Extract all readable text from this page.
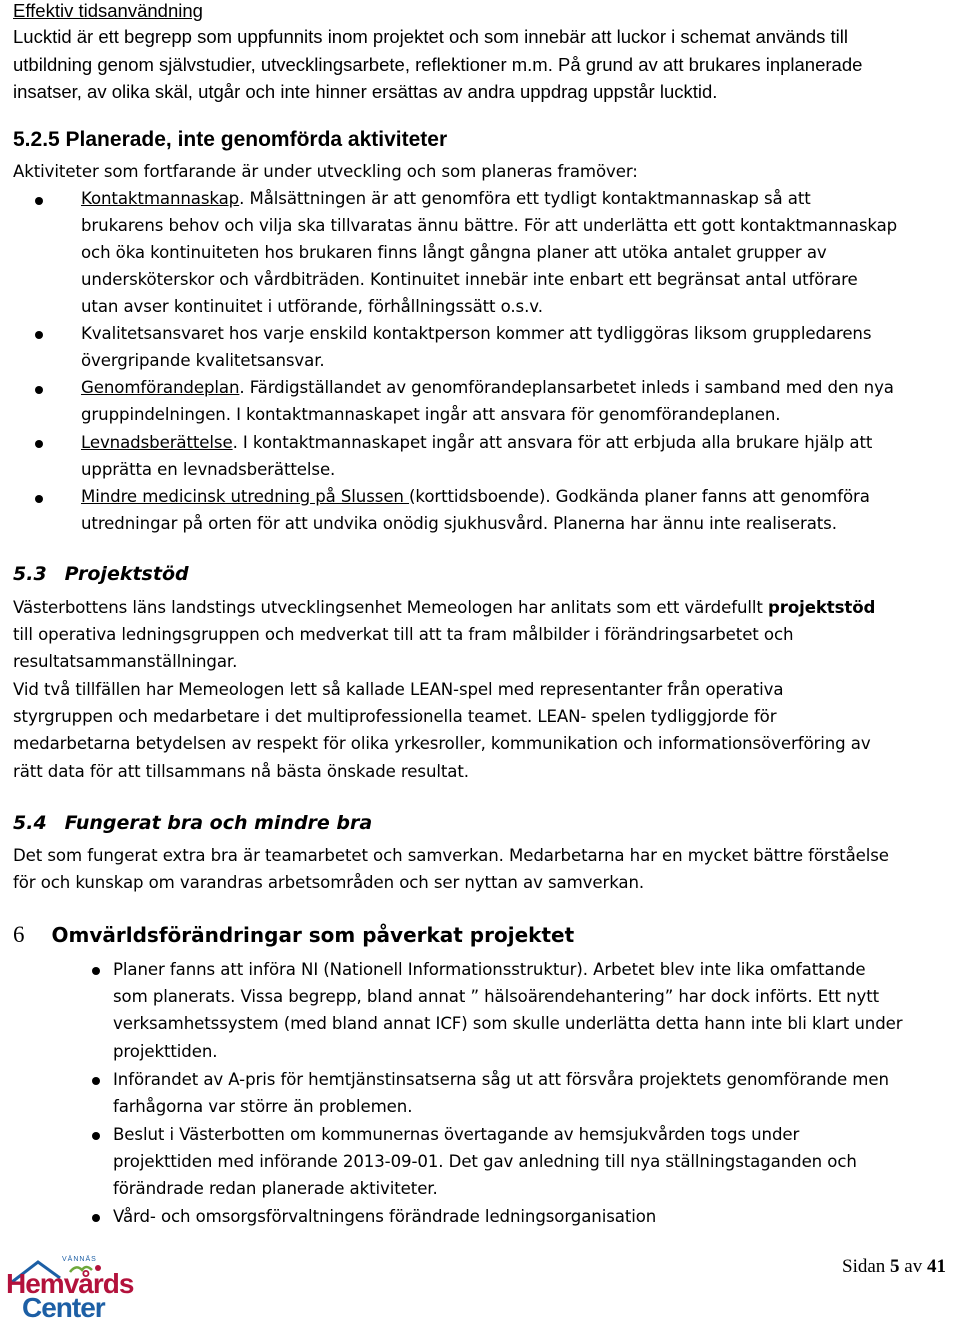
Effektiv tidsanvändning
Lucktid är ett begrepp som uppfunnits inom projektet och som innebär att luckor i schemat används till
utbildning genom självstudier, utvecklingsarbete, reflektioner m.m. På grund av att brukares inplanerade
insatser, av olika skäl, utgår och inte hinner ersättas av andra uppdrag uppstår lucktid.
5.2.5 Planerade, inte genomförda aktiviteter
Aktiviteter som fortfarande är under utveckling och som planeras framöver:
Kontaktmannaskap. Målsättningen är att genomföra ett tydligt kontaktmannaskap så att
brukarens behov och vilja ska tillvaratas ännu bättre. För att underlätta ett gott kontaktmannaskap
och öka kontinuiteten hos brukaren finns långt gångna planer att utöka antalet grupper av
undersköterskor och vårdbiträden. Kontinuitet innebär inte enbart ett begränsat antal utförare
utan avser kontinuitet i utförande, förhållningssätt o.s.v.
Kvalitetsansvaret hos varje enskild kontaktperson kommer att tydliggöras liksom gruppledarens
övergripande kvalitetsansvar.
Genomförandeplan. Färdigställandet av genomförandeplansarbetet inleds i samband med den nya
gruppindelningen. I kontaktmannaskapet ingår att ansvara för genomförandeplanen.
Levnadsberättelse. I kontaktmannaskapet ingår att ansvara för att erbjuda alla brukare hjälp att
upprätta en levnadsberättelse.
Mindre medicinsk utredning på Slussen (korttidsboende). Godkända planer fanns att genomföra
utredningar på orten för att undvika onödig sjukhusvård. Planerna har ännu inte realiserats.
5.3 Projektstöd
Västerbottens läns landstings utvecklingsenhet Memeologen har anlitats som ett värdefullt projektstöd
till operativa ledningsgruppen och medverkat till att ta fram målbilder i förändringsarbetet och
resultatsammanställningar.
Vid två tillfällen har Memeologen lett så kallade LEAN-spel med representanter från operativa
styrgruppen och medarbetare i det multiprofessionella teamet. LEAN- spelen tydliggjorde för
medarbetarna betydelsen av respekt för olika yrkesroller, kommunikation och informationsöverföring av
rätt data för att tillsammans nå bästa önskade resultat.
5.4 Fungerat bra och mindre bra
Det som fungerat extra bra är teamarbetet och samverkan. Medarbetarna har en mycket bättre förståelse
för och kunskap om varandras arbetsområden och ser nyttan av samverkan.
6 Omvärldsförändringar som påverkat projektet
Planer fanns att införa NI (Nationell Informationsstruktur). Arbetet blev inte lika omfattande
som planerats. Vissa begrepp, bland annat ” hälsoärendehantering” har dock införts. Ett nytt
verksamhetssystem (med bland annat ICF) som skulle underlätta detta hann inte bli klart under
projekttiden.
Införandet av A-pris för hemtjänstinsatserna såg ut att försvåra projektets genomförande men
farhågorna var större än problemen.
Beslut i Västerbotten om kommunernas övertagande av hemsjukvården togs under
projekttiden med införande 2013-09-01. Det gav anledning till nya ställningstaganden och
förändrade redan planerade aktiviteter.
Vård- och omsorgsförvaltningens förändrade ledningsorganisation
VÄNNÄS
Hemvårds
Center
Sidan 5 av 41
